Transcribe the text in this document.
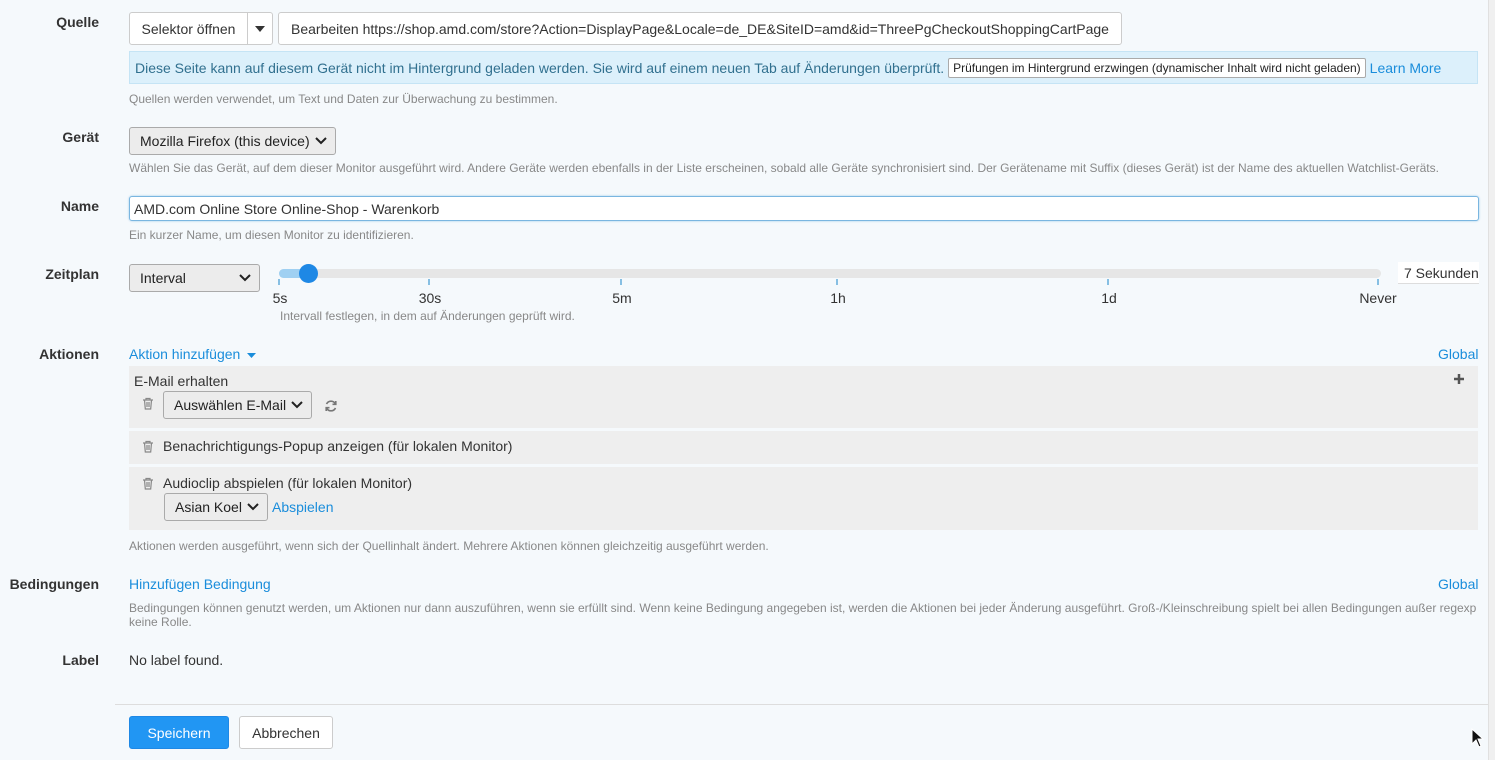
Quelle	Selektor öffnen	Bearbeiten https://shop.amd.com/store?Action=DisplayPage&Locale=de_DE&SiteID=amd&id=ThreePgCheckoutShoppingCartPage
Diese Seite kann auf diesem Gerät nicht im Hintergrund geladen werden. Sie wird auf einem neuen Tab auf Änderungen überprüft. Prüfungen im Hintergrund erzwingen (dynamischer Inhalt wird nicht geladen) Learn More
Quellen werden verwendet, um Text und Daten zur Überwachung zu bestimmen.
Gerät	Mozilla Firefox (this device)
Wählen Sie das Gerät, auf dem dieser Monitor ausgeführt wird. Andere Geräte werden ebenfalls in der Liste erscheinen, sobald alle Geräte synchronisiert sind. Der Gerätename mit Suffix (dieses Gerät) ist der Name des aktuellen Watchlist-Geräts.
Name	AMD.com Online Store Online-Shop - Warenkorb
Ein kurzer Name, um diesen Monitor zu identifizieren.
Zeitplan	Interval
5s	30s	5m	1h	1d	Never
7 Sekunden
Intervall festlegen, in dem auf Änderungen geprüft wird.
Aktionen Aktion hinzufügen	Global
E-Mail erhalten
Auswählen E-Mail
Benachrichtigungs-Popup anzeigen (für lokalen Monitor)
Audioclip abspielen (für lokalen Monitor)
Asian Koel Abspielen
Aktionen werden ausgeführt, wenn sich der Quellinhalt ändert. Mehrere Aktionen können gleichzeitig ausgeführt werden.
Bedingungen Hinzufügen Bedingung	Global
Bedingungen können genutzt werden, um Aktionen nur dann auszuführen, wenn sie erfüllt sind. Wenn keine Bedingung angegeben ist, werden die Aktionen bei jeder Änderung ausgeführt. Groß-/Kleinschreibung spielt bei allen Bedingungen außer regexp
keine Rolle.
Label No label found.
Speichern	Abbrechen
